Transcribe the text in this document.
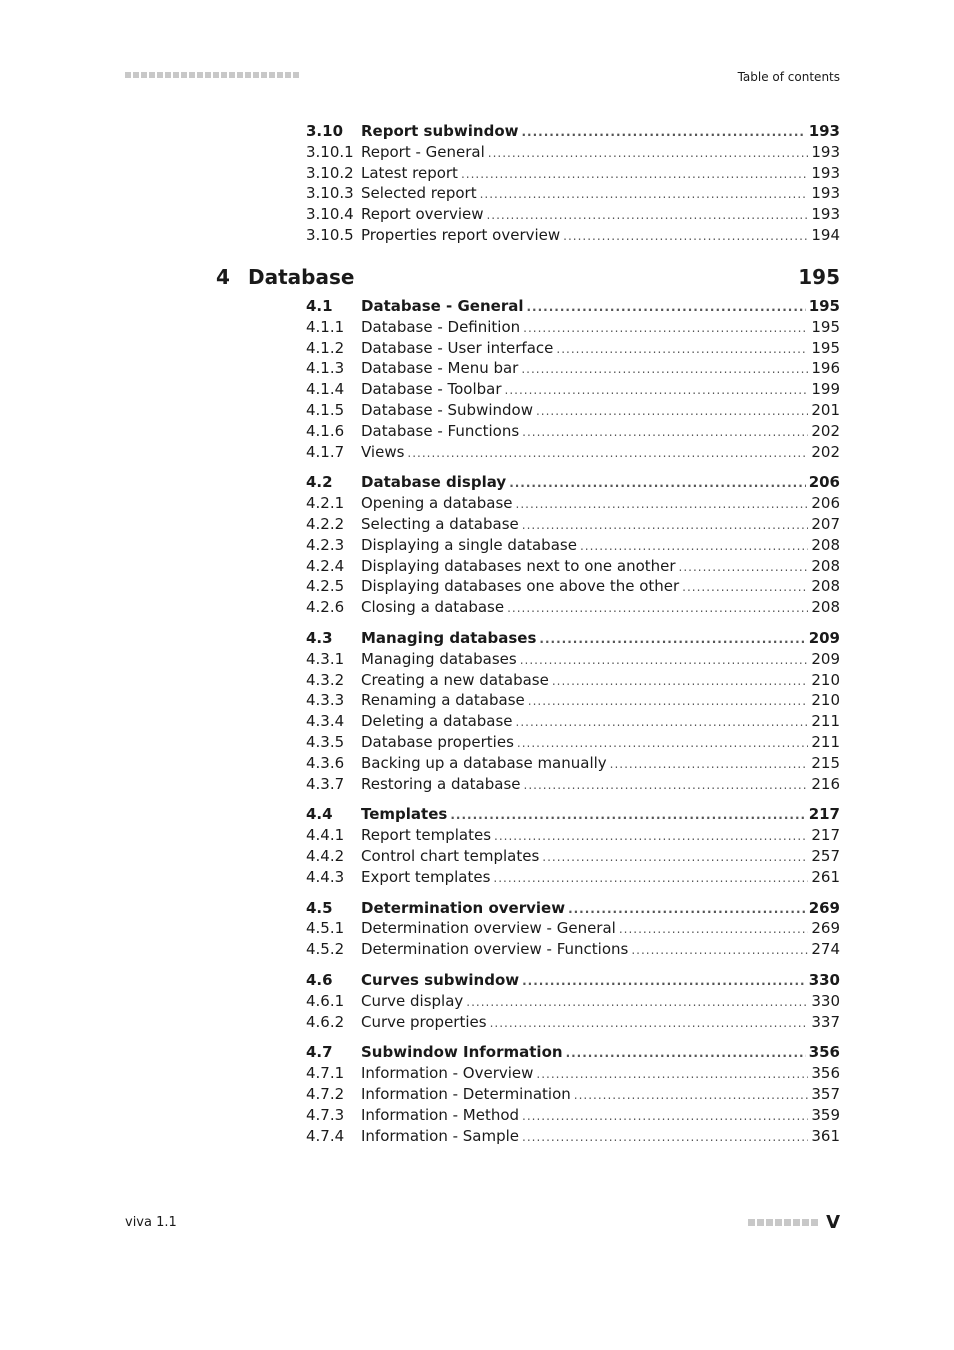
Table of contents
3.10	Report subwindow .....	193
3.10.1 Report - General .....	193
3.10.2 Latest report .....	193
3.10.3 Selected report .....	193
3.10.4 Report overview .....	193
3.10.5 Properties report overview .....	194
4.1	Database - General .....	195
4.1.1	Database - Definition .....	195
4.1.2	Database - User interface .....	195
4.1.3	Database - Menu bar .....	196
4.1.4	Database - Toolbar .....	199
4.1.5	Database - Subwindow .....	201
4.1.6	Database - Functions .....	202
4.1.7	Views .....	202
4.2	Database display .....	206
4.2.1	Opening a database .....	206
4.2.2	Selecting a database .....	207
4.2.3	Displaying a single database .....	208
4.2.4	Displaying databases next to one another .....	208
4.2.5	Displaying databases one above the other .....	208
4.2.6	Closing a database .....	208
4.3	Managing databases .....	209
4.3.1	Managing databases .....	209
4.3.2	Creating a new database .....	210
4.3.3	Renaming a database .....	210
4.3.4	Deleting a database .....	211
4.3.5	Database properties .....	211
4.3.6	Backing up a database manually .....	215
4.3.7	Restoring a database .....	216
4.4	Templates .....	217
4.4.1	Report templates .....	217
4.4.2	Control chart templates .....	257
4.4.3	Export templates .....	261
4.5	Determination overview .....	269
4.5.1	Determination overview - General .....	269
4.5.2	Determination overview - Functions .....	274
4.6	Curves subwindow .....	330
4.6.1	Curve display .....	330
4.6.2	Curve properties .....	337
4.7	Subwindow Information .....	356
4.7.1	Information - Overview .....	356
4.7.2	Information - Determination .....	357
4.7.3	Information - Method .....	359
4.7.4	Information - Sample .....	361
4 Database	195
viva 1.1	V
